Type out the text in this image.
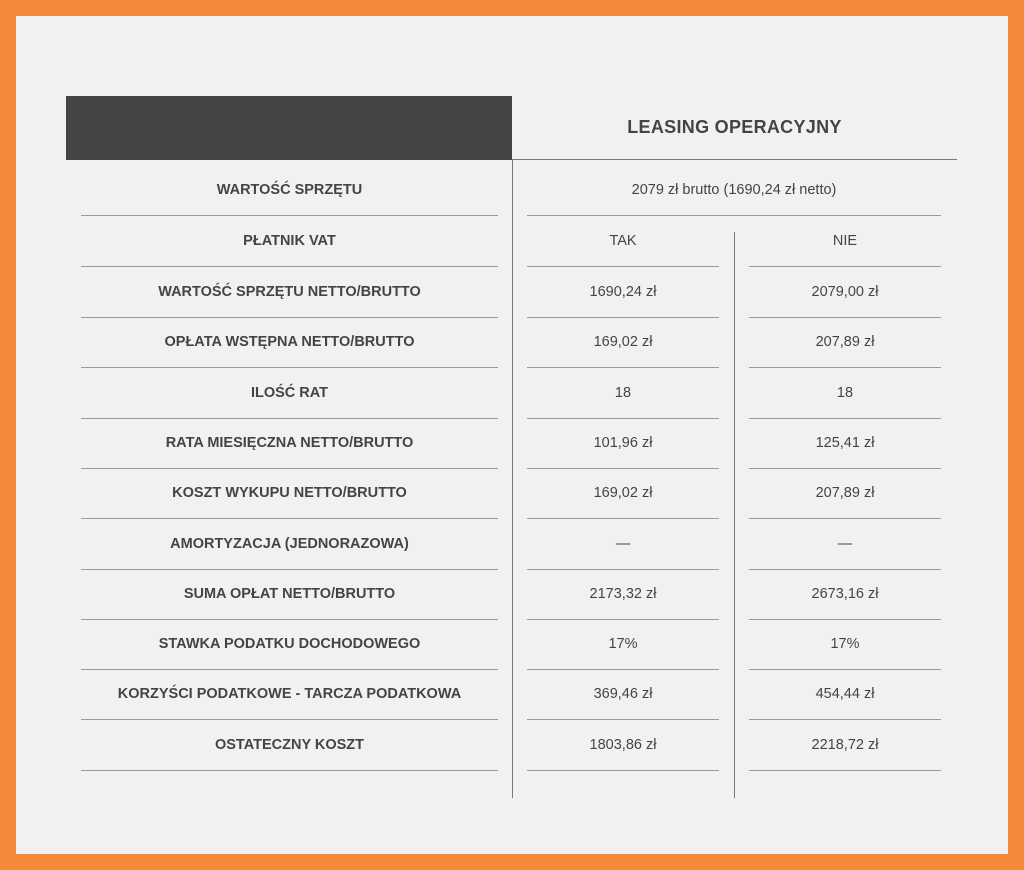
LEASING OPERACYJNY
WARTOŚĆ SPRZĘTU	2079 zł brutto (1690,24 zł netto)
PŁATNIK VAT	TAK	NIE
WARTOŚĆ SPRZĘTU NETTO/BRUTTO	1690,24 zł	2079,00 zł
OPŁATA WSTĘPNA NETTO/BRUTTO	169,02 zł	207,89 zł
ILOŚĆ RAT	18	18
RATA MIESIĘCZNA NETTO/BRUTTO	101,96 zł	125,41 zł
KOSZT WYKUPU NETTO/BRUTTO	169,02 zł	207,89 zł
AMORTYZACJA (JEDNORAZOWA)	—	—
SUMA OPŁAT NETTO/BRUTTO	2173,32 zł	2673,16 zł
STAWKA PODATKU DOCHODOWEGO	17%	17%
KORZYŚCI PODATKOWE - TARCZA PODATKOWA	369,46 zł	454,44 zł
OSTATECZNY KOSZT	1803,86 zł	2218,72 zł
